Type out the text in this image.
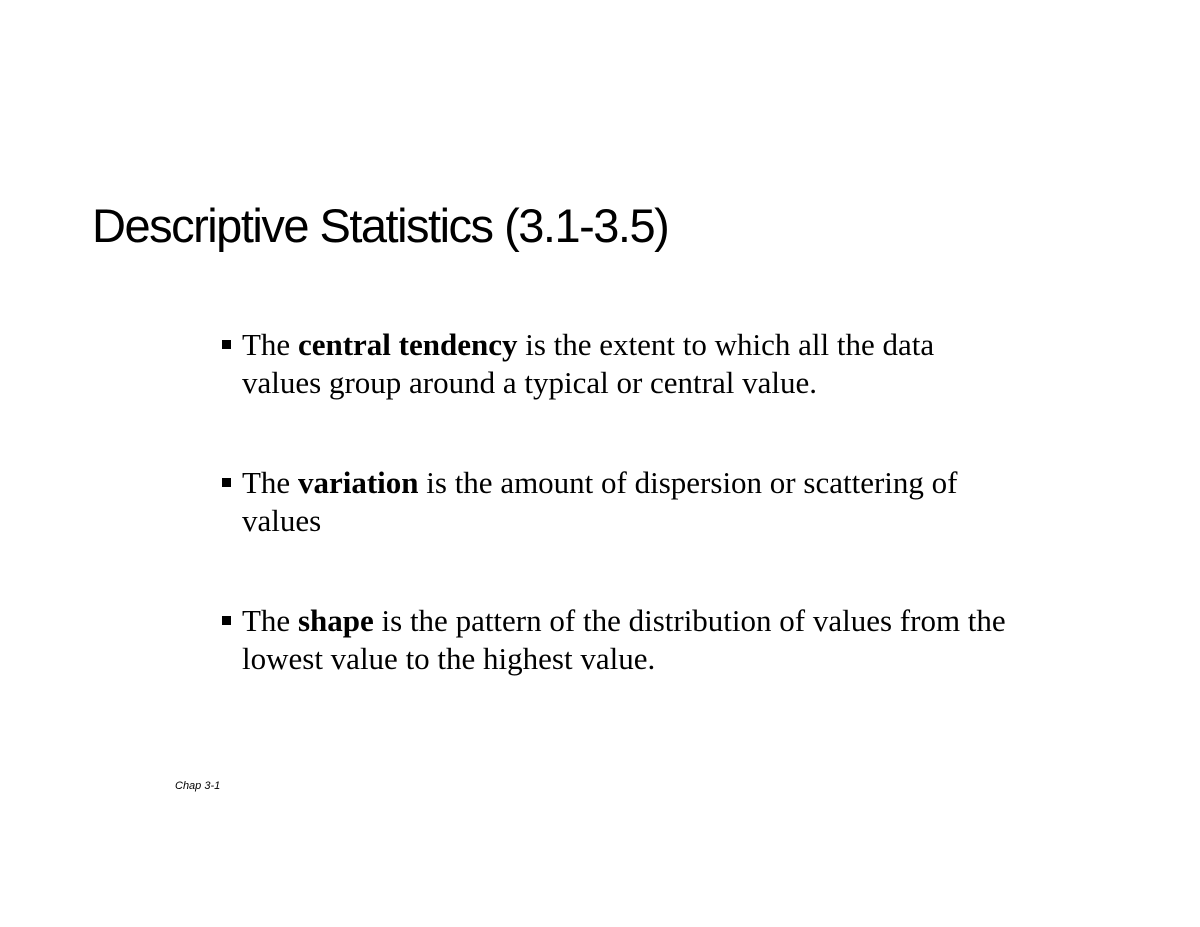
Descriptive Statistics (3.1-3.5)
The central tendency is the extent to which all the data values group around a typical or central value.
The variation is the amount of dispersion or scattering of values
The shape is the pattern of the distribution of values from the lowest value to the highest value.
Chap 3-1
